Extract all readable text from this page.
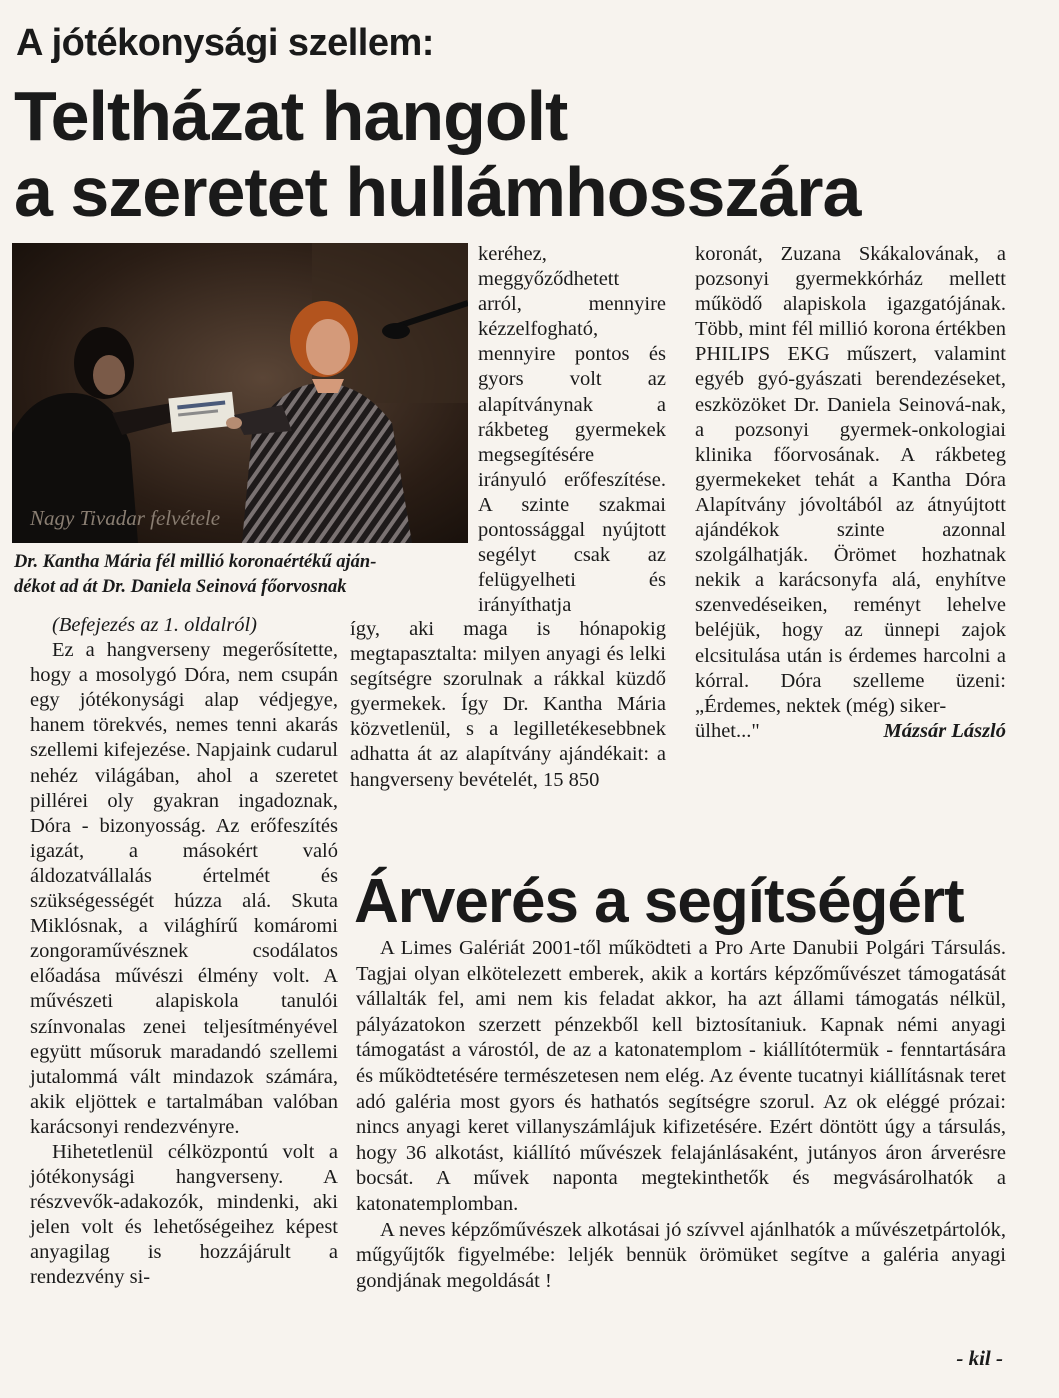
A jótékonysági szellem:
Teltházat hangolt
a szeretet hullámhosszára
Nagy Tivadar felvétele

Dr. Kantha Mária fél millió koronaértékű aján-
dékot ad át Dr. Daniela Seinová főorvosnak

(Befejezés az 1. oldalról)

Ez a hangverseny megerősítette, hogy a mosolygó Dóra, nem csupán egy jótékonysági alap védjegye, hanem törekvés, nemes tenni akarás szellemi kifejezése. Napjaink cudarul nehéz világában, ahol a szeretet pillérei oly gyakran ingadoznak, Dóra - bizonyosság. Az erőfeszítés igazát, a másokért való áldozatvállalás értelmét és szükségességét húzza alá. Skuta Miklósnak, a világhírű komáromi zongoraművésznek csodálatos előadása művészi élmény volt. A művészeti alapiskola tanulói színvonalas zenei teljesítményével együtt műsoruk maradandó szellemi jutalommá vált mindazok számára, akik eljöttek e tartalmában valóban karácsonyi rendezvényre.

Hihetetlenül célközpontú volt a jótékonysági hangverseny. A részvevők-adakozók, mindenki, aki jelen volt és lehetőségeihez képest anyagilag is hozzájárult a rendezvény si-

keréhez, meggyőződhetett arról, mennyire kézzelfogható, mennyire pontos és gyors volt az alapítványnak a rákbeteg gyermekek megsegítésére irányuló erőfeszítése. A szinte szakmai pontossággal nyújtott segélyt csak az felügyelheti és irányíthatja

így, aki maga is hónapokig megtapasztalta: milyen anyagi és lelki segítségre szorulnak a rákkal küzdő gyermekek. Így Dr. Kantha Mária közvetlenül, s a legilletékesebbnek adhatta át az alapítvány ajándékait: a hangverseny bevételét, 15 850

koronát, Zuzana Skákalovának, a pozsonyi gyermekkórház mellett működő alapiskola igazgatójának. Több, mint fél millió korona értékben PHILIPS EKG műszert, valamint egyéb gyó-gyászati berendezéseket, eszközöket Dr. Daniela Seinová-nak, a pozsonyi gyermek-onkologiai klinika főorvosának. A rákbeteg gyermekeket tehát a Kantha Dóra Alapítvány jóvoltából az átnyújtott ajándékok szinte azonnal szolgálhatják. Örömet hozhatnak nekik a karácsonyfa alá, enyhítve szenvedéseiken, reményt lehelve beléjük, hogy az ünnepi zajok elcsitulása után is érdemes harcolni a kórral. Dóra szelleme üzeni: „Érdemes, nektek (még) siker-

ülhet..."	Mázsár László
Árverés a segítségért

A Limes Galériát 2001-től működteti a Pro Arte Danubii Polgári Társulás. Tagjai olyan elkötelezett emberek, akik a kortárs képzőművészet támogatását vállalták fel, ami nem kis feladat akkor, ha azt állami támogatás nélkül, pályázatokon szerzett pénzekből kell biztosítaniuk. Kapnak némi anyagi támogatást a várostól, de az a katonatemplom - kiállítótermük - fenntartására és működtetésére természetesen nem elég. Az évente tucatnyi kiállításnak teret adó galéria most gyors és hathatós segítségre szorul. Az ok eléggé prózai: nincs anyagi keret villanyszámlájuk kifizetésére. Ezért döntött úgy a társulás, hogy 36 alkotást, kiállító művészek felajánlásaként, jutányos áron árverésre bocsát. A művek naponta megtekinthetők és megvásárolhatók a katonatemplomban.

A neves képzőművészek alkotásai jó szívvel ajánlhatók a művészetpártolók, műgyűjtők figyelmébe: leljék bennük örömüket segítve a galéria anyagi gondjának megoldását !

- kil -
